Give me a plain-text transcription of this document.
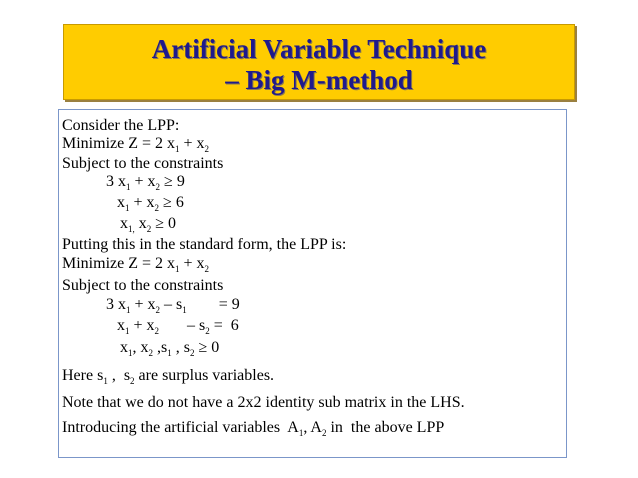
Artificial Variable Technique
– Big M-method
Consider the LPP:
Minimize Z = 2 $x_1 + x_2$
Subject to the constraints
3 $x_1 + x_2 \ge 9$
$x_1 + x_2 \ge 6$
$x_{1,}$ $x_2 \ge 0$
Putting this in the standard form, the LPP is:
Minimize Z = 2 $x_1 + x_2$
Subject to the constraints
3 $x_1 + x_2 - s_1$        = 9
$x_1 + x_2$       – $s_2 = 6$
$x_1$, $x_2$ $,s_1$ , $s_2 \ge 0$
Here $s_1$ ,  $s_2$ are surplus variables.
Note that we do not have a 2x2 identity sub matrix in the LHS.
Introducing the artificial variables  $A_1$, $A_2$ in  the above LPP
